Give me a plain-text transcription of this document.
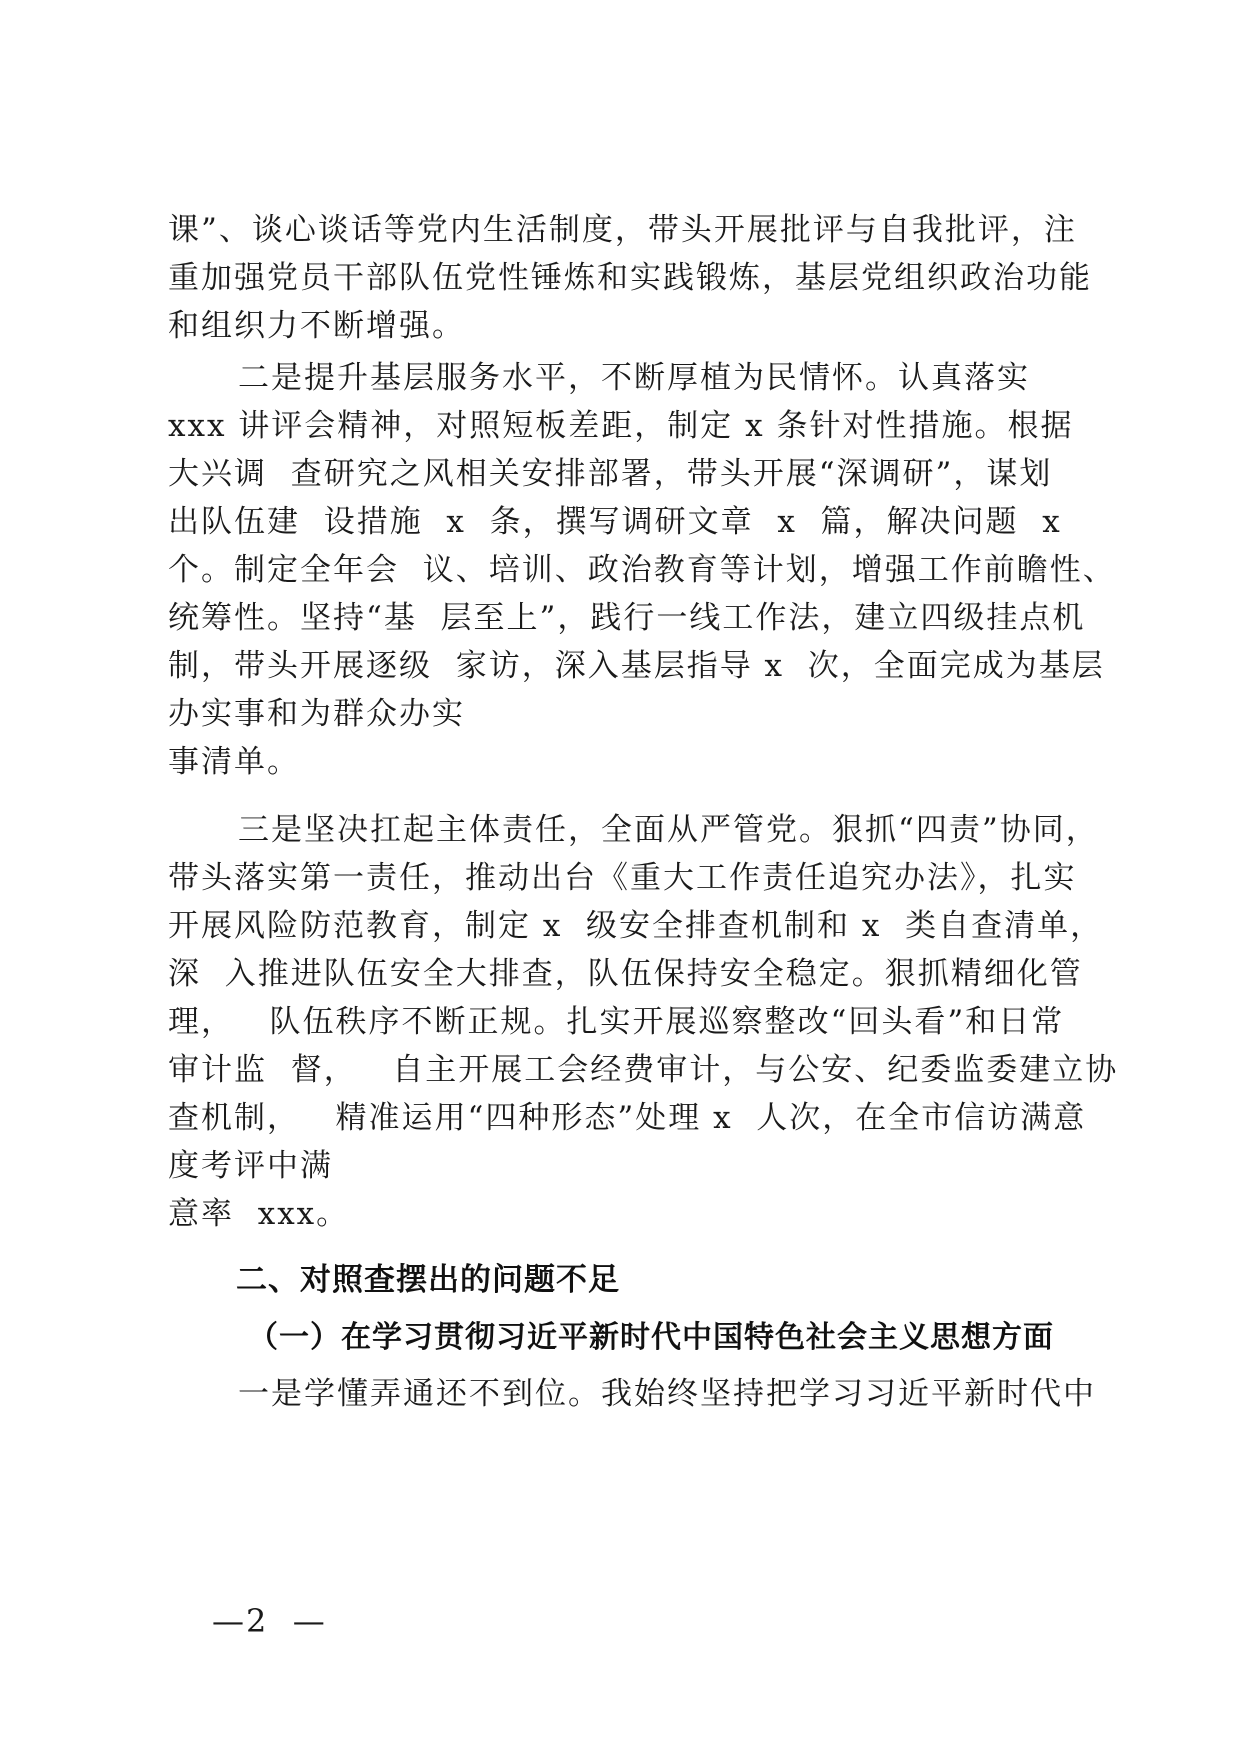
课”、谈心谈话等党内生活制度，带头开展批评与自我批评，注
重加强党员干部队伍党性锤炼和实践锻炼，基层党组织政治功能
和组织力不断增强。
二是提升基层服务水平，不断厚植为民情怀。认真落实
xxx 讲评会精神，对照短板差距，制定 x 条针对性措施。根据
大兴调  查研究之风相关安排部署，带头开展“深调研”，谋划
出队伍建  设措施  x  条，撰写调研文章  x  篇，解决问题  x
个。制定全年会  议、培训、政治教育等计划，增强工作前瞻性、
统筹性。坚持“基  层至上”，践行一线工作法，建立四级挂点机
制，带头开展逐级  家访，深入基层指导 x  次，全面完成为基层
办实事和为群众办实
事清单。
三是坚决扛起主体责任，全面从严管党。狠抓“四责”协同，
带头落实第一责任，推动出台《重大工作责任追究办法》，扎实
开展风险防范教育，制定 x  级安全排查机制和 x  类自查清单，
深  入推进队伍安全大排查，队伍保持安全稳定。狠抓精细化管
理，   队伍秩序不断正规。扎实开展巡察整改“回头看”和日常
审计监  督，   自主开展工会经费审计，与公安、纪委监委建立协
查机制，   精准运用“四种形态”处理 x  人次，在全市信访满意
度考评中满
意率  xxx。
二、对照查摆出的问题不足
（一）在学习贯彻习近平新时代中国特色社会主义思想方面
一是学懂弄通还不到位。我始终坚持把学习习近平新时代中
—2  —
